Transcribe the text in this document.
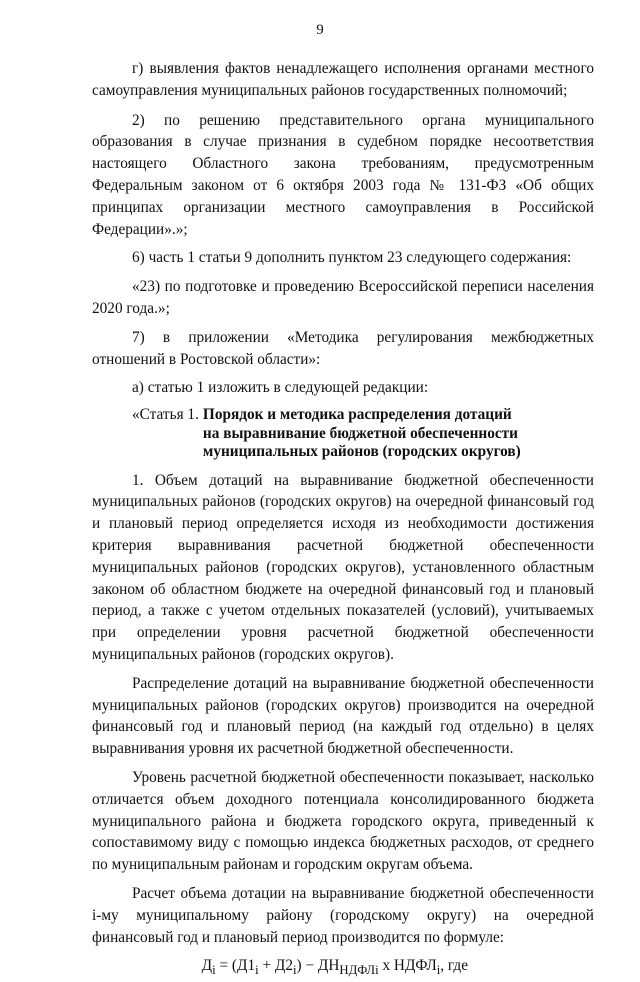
9

г) выявления фактов ненадлежащего исполнения органами местного самоуправления муниципальных районов государственных полномочий;

2) по решению представительного органа муниципального образования в случае признания в судебном порядке несоответствия настоящего Областного закона требованиям, предусмотренным Федеральным законом от 6 октября 2003 года № 131-ФЗ «Об общих принципах организации местного самоуправления в Российской Федерации».»;

6) часть 1 статьи 9 дополнить пунктом 23 следующего содержания:

«23) по подготовке и проведению Всероссийской переписи населения 2020 года.»;

7) в приложении «Методика регулирования межбюджетных отношений в Ростовской области»:

а) статью 1 изложить в следующей редакции:

«Статья 1. Порядок и методика распределения дотаций
на выравнивание бюджетной обеспеченности
муниципальных районов (городских округов)

1. Объем дотаций на выравнивание бюджетной обеспеченности муниципальных районов (городских округов) на очередной финансовый год и плановый период определяется исходя из необходимости достижения критерия выравнивания расчетной бюджетной обеспеченности муниципальных районов (городских округов), установленного областным законом об областном бюджете на очередной финансовый год и плановый период, а также с учетом отдельных показателей (условий), учитываемых при определении уровня расчетной бюджетной обеспеченности муниципальных районов (городских округов).

Распределение дотаций на выравнивание бюджетной обеспеченности муниципальных районов (городских округов) производится на очередной финансовый год и плановый период (на каждый год отдельно) в целях выравнивания уровня их расчетной бюджетной обеспеченности.

Уровень расчетной бюджетной обеспеченности показывает, насколько отличается объем доходного потенциала консолидированного бюджета муниципального района и бюджета городского округа, приведенный к сопоставимому виду с помощью индекса бюджетных расходов, от среднего по муниципальным районам и городским округам объема.

Расчет объема дотации на выравнивание бюджетной обеспеченности i-му муниципальному району (городскому округу) на очередной финансовый год и плановый период производится по формуле:

$Д_i = (Д1_i + Д2_i) - ДН_{НДФЛi}$ х $НДФЛ_i$, где
